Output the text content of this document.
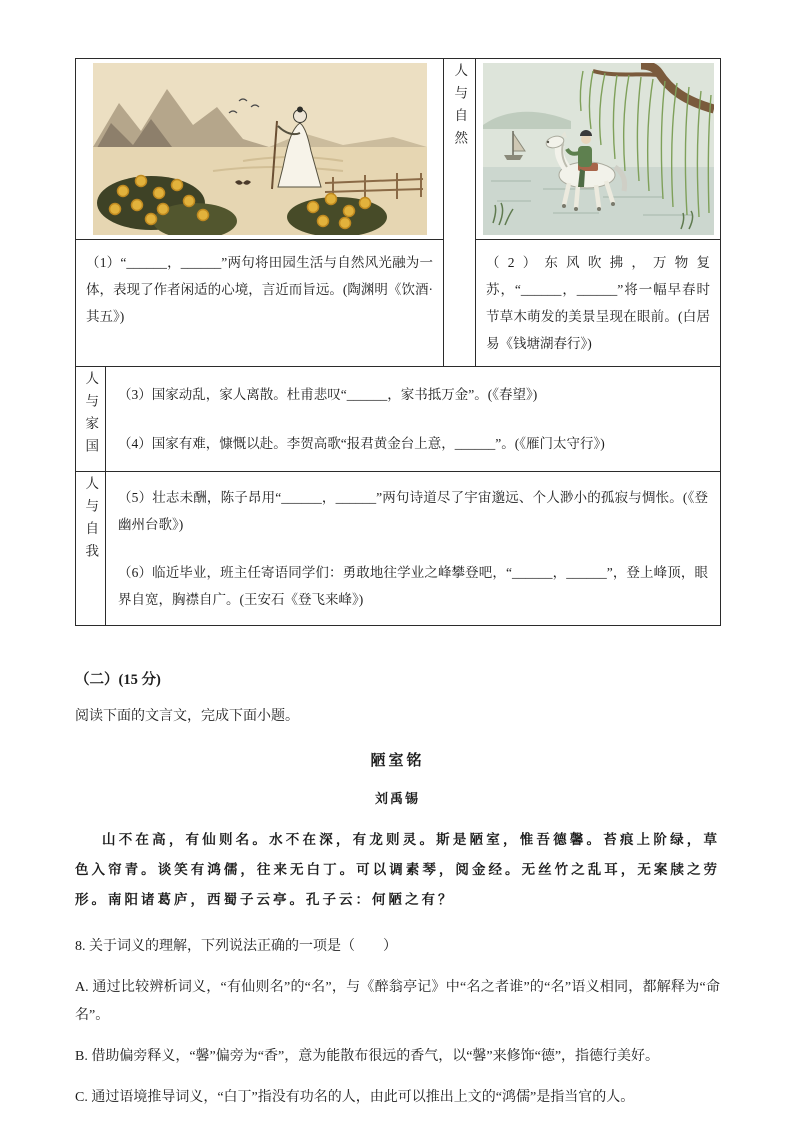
	人与自然	

（1）“______，______”两句将田园生活与自然风光融为一体，表现了作者闲适的心境，言近而旨远。(陶渊明《饮酒·其五》)			（2）东风吹拂，万物复苏，“______，______”将一幅早春时节草木萌发的美景呈现在眼前。(白居易《钱塘湖春行》)

人与家国	（3）国家动乱，家人离散。杜甫悲叹“______，家书抵万金”。(《春望》)

（4）国家有难，慷慨以赴。李贺高歌“报君黄金台上意，______”。(《雁门太守行》)		

人与自我	（5）壮志未酬，陈子昂用“______，______”两句诗道尽了宇宙邈远、个人渺小的孤寂与惆怅。(《登幽州台歌》)

（6）临近毕业，班主任寄语同学们：勇敢地往学业之峰攀登吧，“______，______”，登上峰顶，眼界自宽，胸襟自广。(王安石《登飞来峰》)		

（二）(15 分)
阅读下面的文言文，完成下面小题。
陋室铭
刘禹锡

山不在高，有仙则名。水不在深，有龙则灵。斯是陋室，惟吾德馨。苔痕上阶绿，草色入帘青。谈笑有鸿儒，往来无白丁。可以调素琴，阅金经。无丝竹之乱耳，无案牍之劳形。南阳诸葛庐，西蜀子云亭。孔子云：何陋之有？

8. 关于词义的理解，下列说法正确的一项是（　　）
A. 通过比较辨析词义，“有仙则名”的“名”，与《醉翁亭记》中“名之者谁”的“名”语义相同，都解释为“命名”。
B. 借助偏旁释义，“馨”偏旁为“香”，意为能散布很远的香气，以“馨”来修饰“德”，指德行美好。
C. 通过语境推导词义，“白丁”指没有功名的人，由此可以推出上文的“鸿儒”是指当官的人。
